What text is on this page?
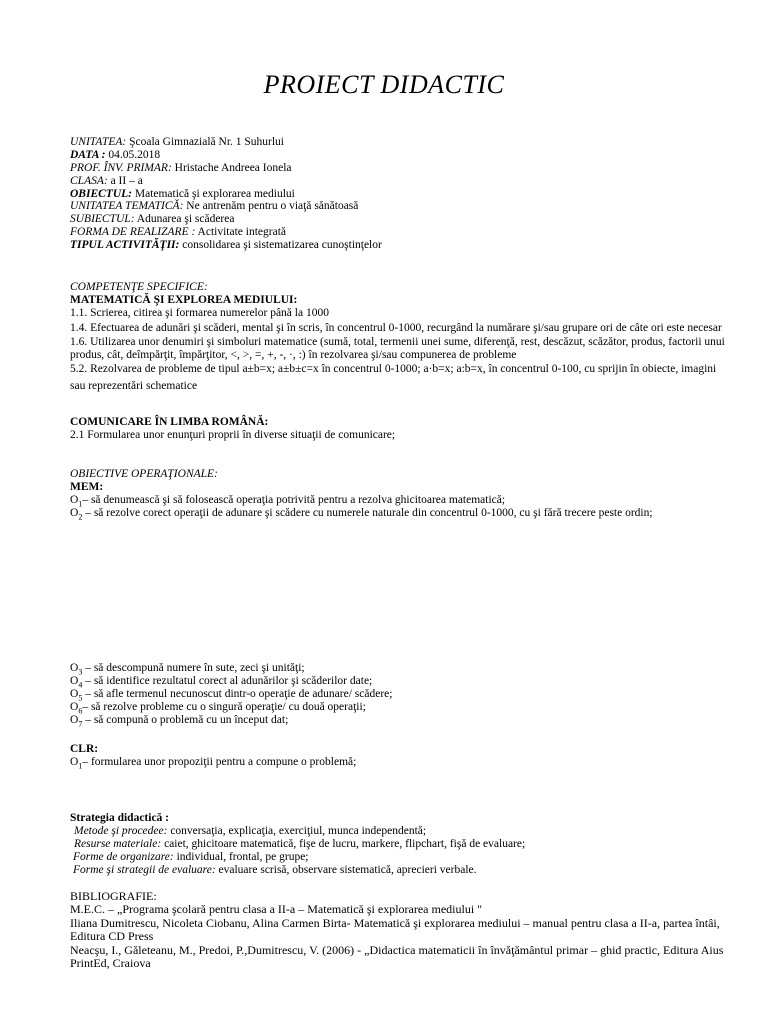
PROIECT DIDACTIC

UNITATEA: Şcoala Gimnazială Nr. 1 Suhurlui

DATA : 04.05.2018

PROF. ÎNV. PRIMAR: Hristache Andreea Ionela

CLASA: a II – a

OBIECTUL: Matematică şi explorarea mediului

UNITATEA TEMATICĂ: Ne antrenăm pentru o viaţă sănătoasă

SUBIECTUL: Adunarea şi scăderea

FORMA DE REALIZARE : Activitate integrată

TIPUL ACTIVITĂŢII: consolidarea şi sistematizarea cunoştinţelor

COMPETENŢE SPECIFICE:

MATEMATICĂ ŞI EXPLOREA MEDIULUI:

1.1. Scrierea, citirea şi formarea numerelor până la 1000

1.4. Efectuarea de adunări şi scăderi, mental şi în scris, în concentrul 0-1000, recurgând la numărare şi/sau grupare ori de câte ori este necesar

1.6. Utilizarea unor denumiri şi simboluri matematice (sumă, total, termenii unei sume, diferenţă, rest, descăzut, scăzător, produs, factorii unui produs, cât, deîmpărţit, împărţitor, <, >, =, +, -, ·, :) în rezolvarea şi/sau compunerea de probleme

5.2. Rezolvarea de probleme de tipul a±b=x; a±b±c=x în concentrul 0-1000; a·b=x; a:b=x, în concentrul 0-100, cu sprijin în obiecte, imagini sau reprezentări schematice

COMUNICARE ÎN LIMBA ROMÂNĂ:

2.1 Formularea unor enunţuri proprii în diverse situaţii de comunicare;

OBIECTIVE OPERAŢIONALE:

MEM:

$O_1-$ să denumească şi să folosească operaţia potrivită pentru a rezolva ghicitoarea matematică;

$O_2$ – să rezolve corect operaţii de adunare şi scădere cu numerele naturale din concentrul 0-1000, cu şi fără trecere peste ordin;

$O_3$ – să descompună numere în sute, zeci şi unităţi;

$O_4$ – să identifice rezultatul corect al adunărilor şi scăderilor date;

$O_5$ – să afle termenul necunoscut dintr-o operaţie de adunare/ scădere;

$O_6-$ să rezolve probleme cu o singură operaţie/ cu două operaţii;

$O_7$ – să compună o problemă cu un început dat;

CLR:

$O_1-$ formularea unor propoziţii pentru a compune o problemă;

Strategia didactică :

Metode şi procedee: conversaţia, explicaţia, exerciţiul, munca independentă;

Resurse materiale: caiet, ghicitoare matematică, fişe de lucru, markere, flipchart, fişă de evaluare;

Forme de organizare: individual, frontal, pe grupe;

Forme şi strategii de evaluare: evaluare scrisă, observare sistematică, aprecieri verbale.

BIBLIOGRAFIE:

M.E.C. – „Programa şcolară pentru clasa a II-a – Matematică şi explorarea mediului "

Iliana Dumitrescu, Nicoleta Ciobanu, Alina Carmen Birta- Matematică şi explorarea mediului – manual pentru clasa a II-a, partea întâi, Editura CD Press

Neacşu, I., Găleteanu, M., Predoi, P.,Dumitrescu, V. (2006) - „Didactica matematicii în învăţământul primar – ghid practic, Editura Aius PrintEd, Craiova
